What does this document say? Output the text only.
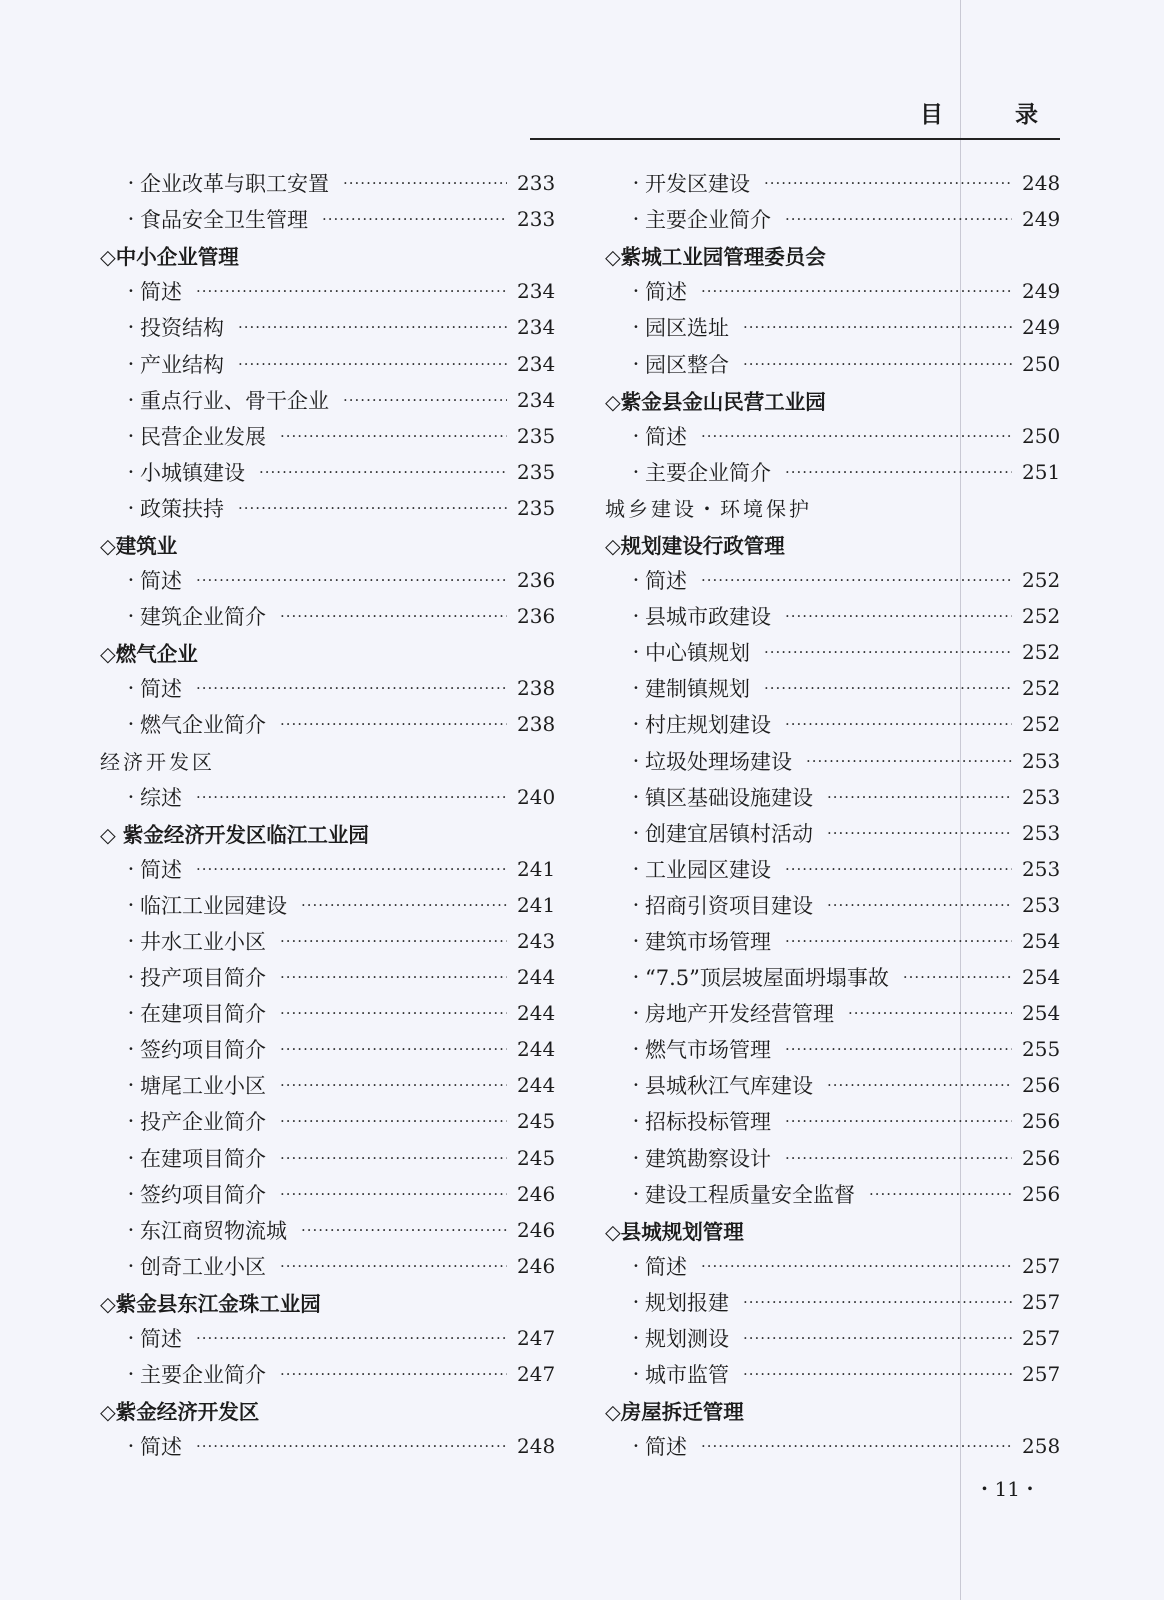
目 录
· 企业改革与职工安置 ·····	233
· 食品安全卫生管理 ·····	233
◇中小企业管理
· 简述 ·····	234
· 投资结构 ·····	234
· 产业结构 ·····	234
· 重点行业、骨干企业 ·····	234
· 民营企业发展 ·····	235
· 小城镇建设 ·····	235
· 政策扶持 ·····	235
◇建筑业
· 简述 ·····	236
· 建筑企业简介 ·····	236
◇燃气企业
· 简述 ·····	238
· 燃气企业简介 ·····	238
经济开发区
· 综述 ·····	240
◇ 紫金经济开发区临江工业园
· 简述 ·····	241
· 临江工业园建设 ·····	241
· 井水工业小区 ·····	243
· 投产项目简介 ·····	244
· 在建项目简介 ·····	244
· 签约项目简介 ·····	244
· 塘尾工业小区 ·····	244
· 投产企业简介 ·····	245
· 在建项目简介 ·····	245
· 签约项目简介 ·····	246
· 东江商贸物流城 ·····	246
· 创奇工业小区 ·····	246
◇紫金县东江金珠工业园
· 简述 ·····	247
· 主要企业简介 ·····	247
◇紫金经济开发区
· 简述 ·····	248
· 开发区建设 ·····	248
· 主要企业简介 ·····	249
◇紫城工业园管理委员会
· 简述 ·····	249
· 园区选址 ·····	249
· 园区整合 ·····	250
◇紫金县金山民营工业园
· 简述 ·····	250
· 主要企业简介 ·····	251
城乡建设・环境保护
◇规划建设行政管理
· 简述 ·····	252
· 县城市政建设 ·····	252
· 中心镇规划 ·····	252
· 建制镇规划 ·····	252
· 村庄规划建设 ·····	252
· 垃圾处理场建设 ·····	253
· 镇区基础设施建设 ·····	253
· 创建宜居镇村活动 ·····	253
· 工业园区建设 ·····	253
· 招商引资项目建设 ·····	253
· 建筑市场管理 ·····	254
· “7.5”顶层坡屋面坍塌事故 ·····	254
· 房地产开发经营管理 ·····	254
· 燃气市场管理 ·····	255
· 县城秋江气库建设 ·····	256
· 招标投标管理 ·····	256
· 建筑勘察设计 ·····	256
· 建设工程质量安全监督 ·····	256
◇县城规划管理
· 简述 ·····	257
· 规划报建 ·····	257
· 规划测设 ·····	257
· 城市监管 ·····	257
◇房屋拆迁管理
· 简述 ·····	258
・11・
